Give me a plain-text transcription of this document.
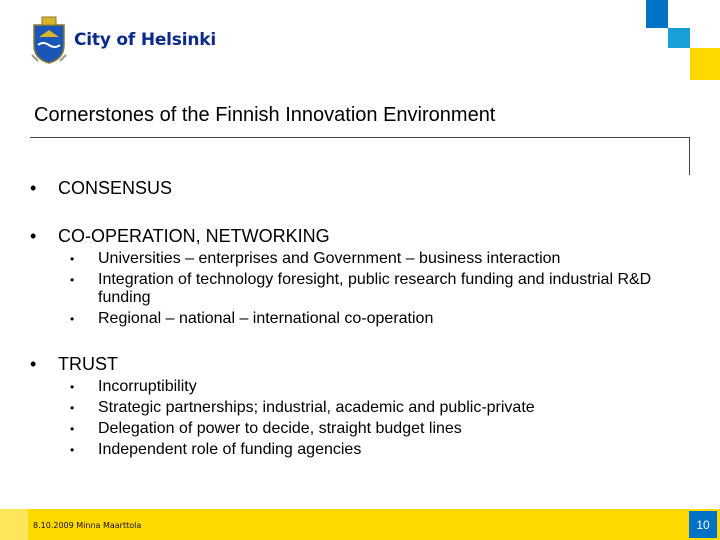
City of Helsinki
Cornerstones of the Finnish Innovation Environment
•	CONSENSUS
•	CO-OPERATION, NETWORKING
•	Universities – enterprises and Government – business interaction
•	Integration of technology foresight, public research funding and industrial R&D funding
•	Regional – national – international co-operation
•	TRUST
•	Incorruptibility
•	Strategic partnerships; industrial, academic and public-private
•	Delegation of power to decide, straight budget lines
•	Independent role of funding agencies
8.10.2009 Minna Maarttola	10
